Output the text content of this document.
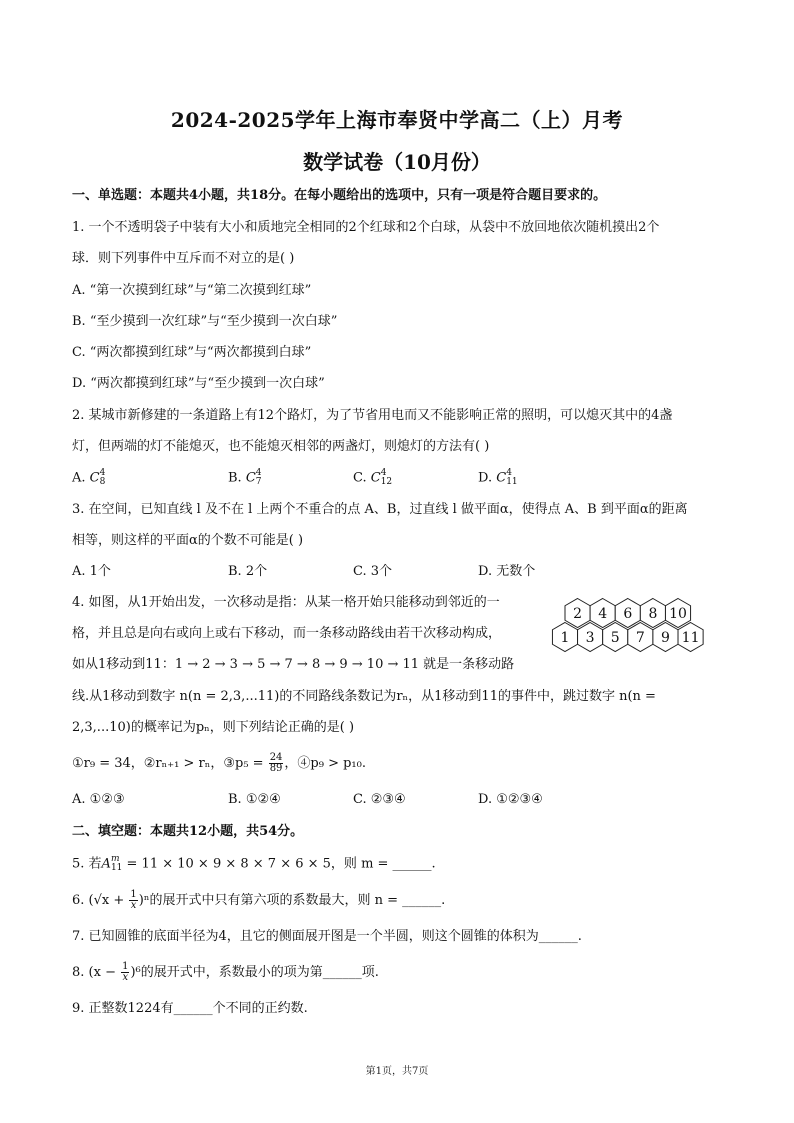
2024-2025学年上海市奉贤中学高二（上）月考
数学试卷（10月份）
一、单选题：本题共4小题，共18分。在每小题给出的选项中，只有一项是符合题目要求的。
1. 一个不透明袋子中装有大小和质地完全相同的2个红球和2个白球，从袋中不放回地依次随机摸出2个
球．则下列事件中互斥而不对立的是( )
A. “第一次摸到红球”与“第二次摸到红球”
B. “至少摸到一次红球”与“至少摸到一次白球”
C. “两次都摸到红球”与“两次都摸到白球”
D. “两次都摸到红球”与“至少摸到一次白球”
2. 某城市新修建的一条道路上有12个路灯，为了节省用电而又不能影响正常的照明，可以熄灭其中的4盏
灯，但两端的灯不能熄灭，也不能熄灭相邻的两盏灯，则熄灯的方法有( )
A. C 4
8	B. C 4
7	C. C 4
12	D. C 4
11
3. 在空间，已知直线 l 及不在 l 上两个不重合的点 A、B，过直线 l 做平面α，使得点 A、B 到平面α的距离
相等，则这样的平面α的个数不可能是( )
A. 1个	B. 2个	C. 3个	D. 无数个
4. 如图，从1开始出发，一次移动是指：从某一格开始只能移动到邻近的一
格，并且总是向右或向上或右下移动，而一条移动路线由若干次移动构成，
如从1移动到11：1 → 2 → 3 → 5 → 7 → 8 → 9 → 10 → 11 就是一条移动路
线.从1移动到数字 n(n = 2,3,...11)的不同路线条数记为rₙ，从1移动到11的事件中，跳过数字 n(n =
2,3,...10)的概率记为pₙ，则下列结论正确的是( )
①r₉ = 34，②rₙ₊₁ > rₙ，③p₅ = $\frac{24}{89}$ ，④p₉ > p₁₀.
A. ①②③	B. ①②④	C. ②③④	D. ①②③④
2 4 6 8 10
1 3 5 7 9 11
二、填空题：本题共12小题，共54分。
5. 若A m
11 = 11 × 10 × 9 × 8 × 7 × 6 × 5，则 m = ______.
6. $(√x + \frac{1}{x} )^n$的展开式中只有第六项的系数最大，则 n = ______.
7. 已知圆锥的底面半径为4，且它的侧面展开图是一个半圆，则这个圆锥的体积为______.
8. $(x - \frac{1}{x} )^6$的展开式中，系数最小的项为第______项.
9. 正整数1224有______个不同的正约数.
第1页，共7页
